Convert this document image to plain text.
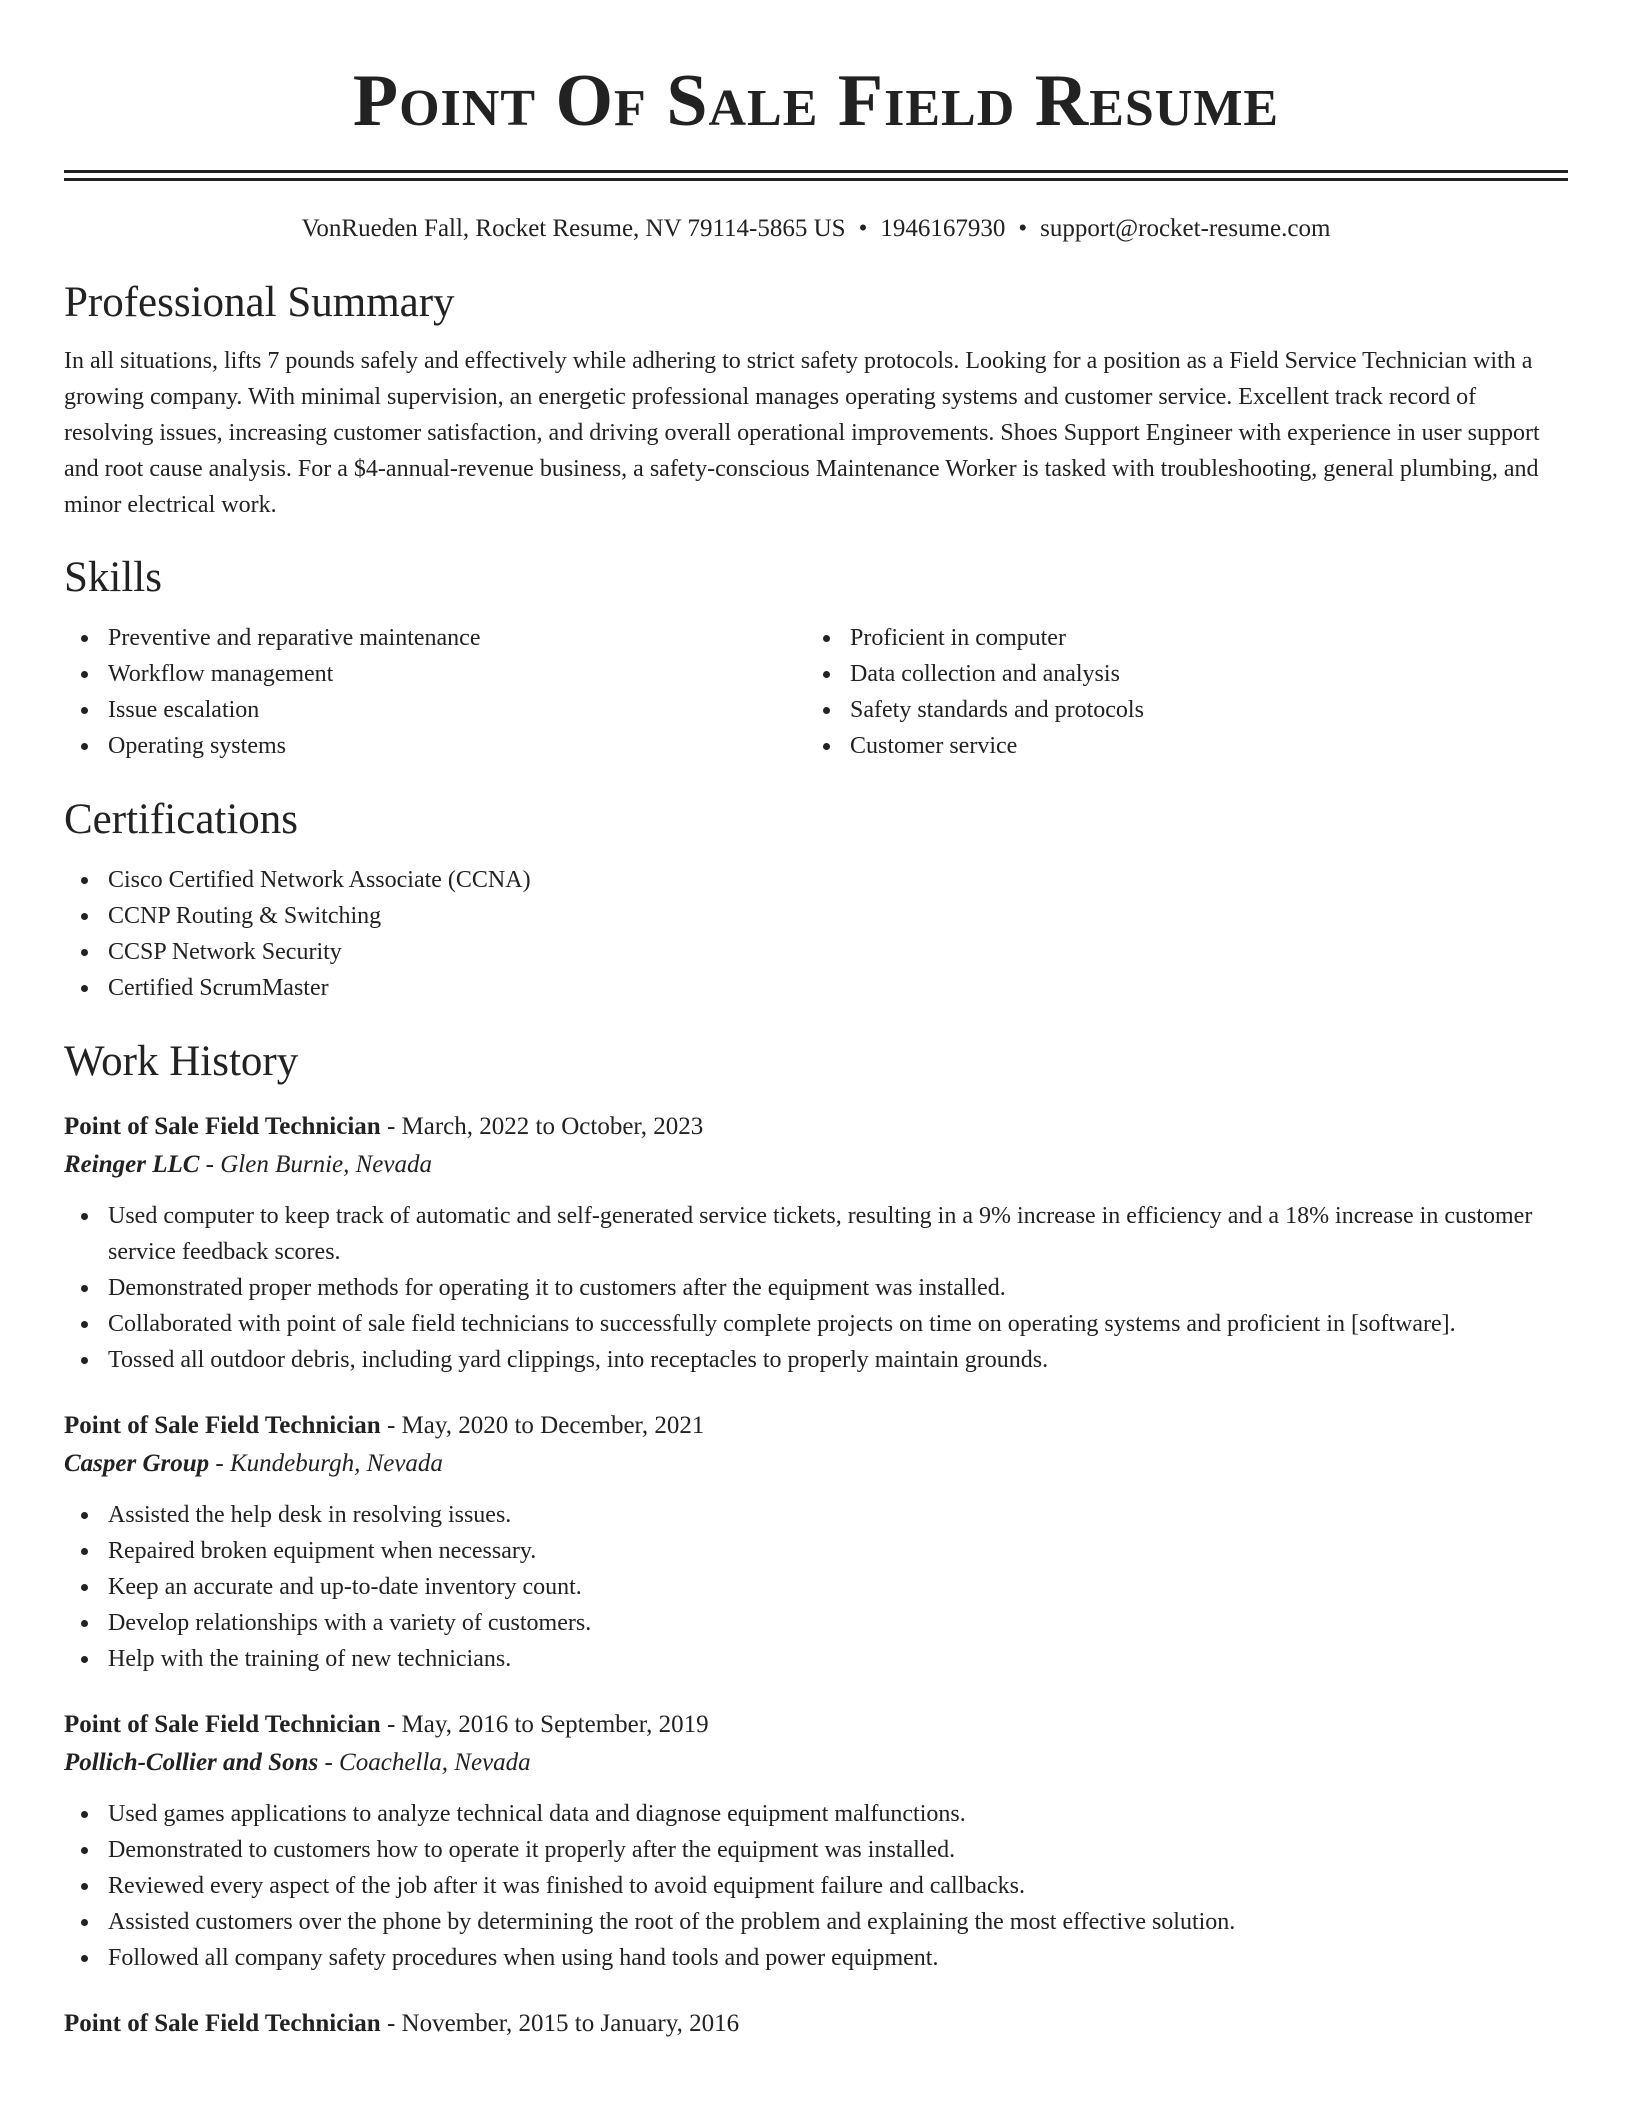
Point Of Sale Field Resume
VonRueden Fall, Rocket Resume, NV 79114-5865 US • 1946167930 • support@rocket-resume.com
Professional Summary

In all situations, lifts 7 pounds safely and effectively while adhering to strict safety protocols. Looking for a position as a Field Service Technician with a growing company. With minimal supervision, an energetic professional manages operating systems and customer service. Excellent track record of resolving issues, increasing customer satisfaction, and driving overall operational improvements. Shoes Support Engineer with experience in user support and root cause analysis. For a $4-annual-revenue business, a safety-conscious Maintenance Worker is tasked with troubleshooting, general plumbing, and minor electrical work.

Skills
Preventive and reparative maintenance
Workflow management
Issue escalation
Operating systems
Proficient in computer
Data collection and analysis
Safety standards and protocols
Customer service
Certifications
Cisco Certified Network Associate (CCNA)
CCNP Routing & Switching
CCSP Network Security
Certified ScrumMaster
Work History
Point of Sale Field Technician - March, 2022 to October, 2023
Reinger LLC - Glen Burnie, Nevada
Used computer to keep track of automatic and self-generated service tickets, resulting in a 9% increase in efficiency and a 18% increase in customer service feedback scores.
Demonstrated proper methods for operating it to customers after the equipment was installed.
Collaborated with point of sale field technicians to successfully complete projects on time on operating systems and proficient in [software].
Tossed all outdoor debris, including yard clippings, into receptacles to properly maintain grounds.
Point of Sale Field Technician - May, 2020 to December, 2021
Casper Group - Kundeburgh, Nevada
Assisted the help desk in resolving issues.
Repaired broken equipment when necessary.
Keep an accurate and up-to-date inventory count.
Develop relationships with a variety of customers.
Help with the training of new technicians.
Point of Sale Field Technician - May, 2016 to September, 2019
Pollich-Collier and Sons - Coachella, Nevada
Used games applications to analyze technical data and diagnose equipment malfunctions.
Demonstrated to customers how to operate it properly after the equipment was installed.
Reviewed every aspect of the job after it was finished to avoid equipment failure and callbacks.
Assisted customers over the phone by determining the root of the problem and explaining the most effective solution.
Followed all company safety procedures when using hand tools and power equipment.
Point of Sale Field Technician - November, 2015 to January, 2016
